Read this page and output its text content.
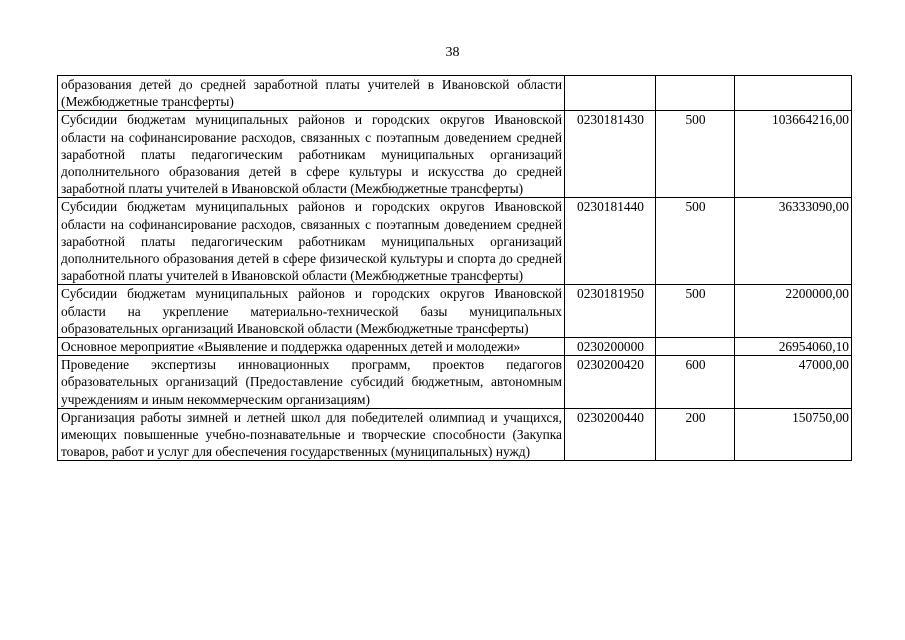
38
образования детей до средней заработной платы учителей в Ивановской области (Межбюджетные трансферты)			
Субсидии бюджетам муниципальных районов и городских округов Ивановской области на софинансирование расходов, связанных с поэтапным доведением средней заработной платы педагогическим работникам муниципальных организаций дополнительного образования детей в сфере культуры и искусства до средней заработной платы учителей в Ивановской области (Межбюджетные трансферты)	0230181430	500	103664216,00
Субсидии бюджетам муниципальных районов и городских округов Ивановской области на софинансирование расходов, связанных с поэтапным доведением средней заработной платы педагогическим работникам муниципальных организаций дополнительного образования детей в сфере физической культуры и спорта до средней заработной платы учителей в Ивановской области (Межбюджетные трансферты)	0230181440	500	36333090,00
Субсидии бюджетам муниципальных районов и городских округов Ивановской области на укрепление материально-технической базы муниципальных образовательных организаций Ивановской области (Межбюджетные трансферты)	0230181950	500	2200000,00
Основное мероприятие «Выявление и поддержка одаренных детей и молодежи»	0230200000		26954060,10
Проведение экспертизы инновационных программ, проектов педагогов образовательных организаций (Предоставление субсидий бюджетным, автономным учреждениям и иным некоммерческим организациям)	0230200420	600	47000,00
Организация работы зимней и летней школ для победителей олимпиад и учащихся, имеющих повышенные учебно-познавательные и творческие способности (Закупка товаров, работ и услуг для обеспечения государственных (муниципальных) нужд)	0230200440	200	150750,00
